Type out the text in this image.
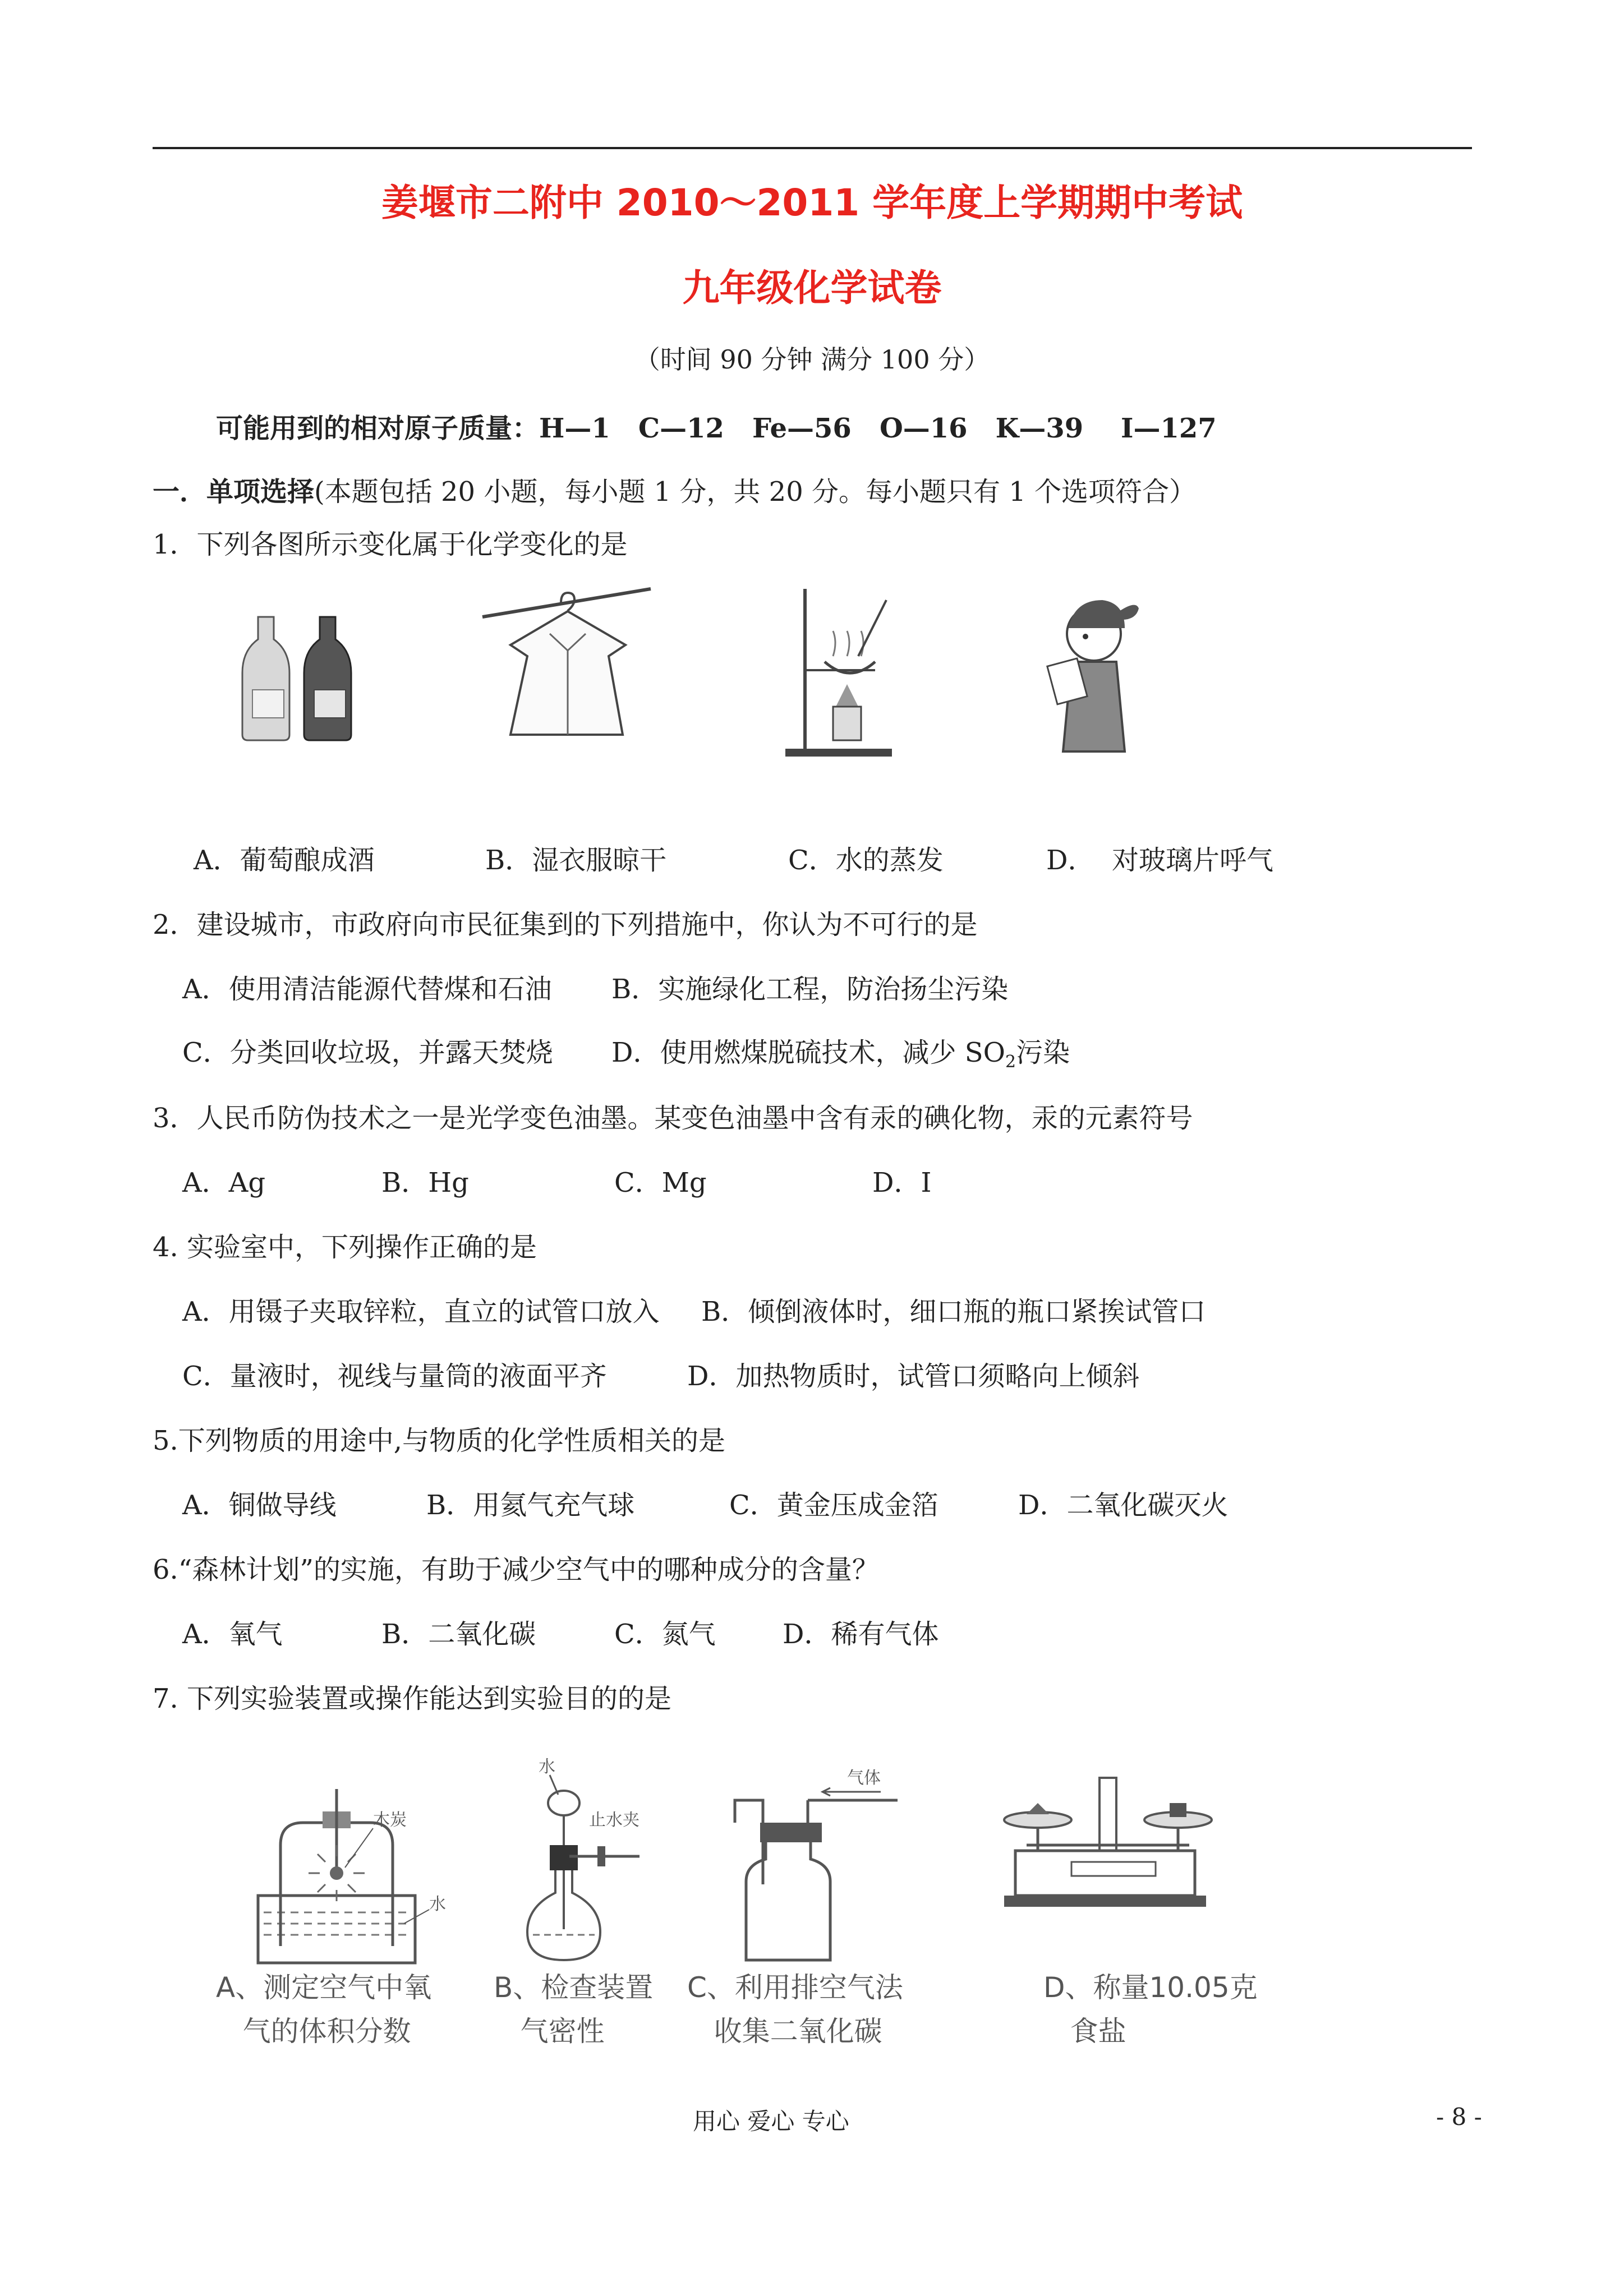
姜堰市二附中 2010～2011 学年度上学期期中考试
九年级化学试卷
（时间 90 分钟 满分 100 分）
可能用到的相对原子质量：H—1   C—12   Fe—56   O—16   K—39    I—127
一．单项选择(本题包括 20 小题，每小题 1 分，共 20 分。每小题只有 1 个选项符合）
1．下列各图所示变化属于化学变化的是
A．葡萄酿成酒	B．湿衣服晾干	C．水的蒸发	D．  对玻璃片呼气
2．建设城市，市政府向市民征集到的下列措施中，你认为不可行的是
A．使用清洁能源代替煤和石油 B．实施绿化工程，防治扬尘污染
C．分类回收垃圾，并露天焚烧 D．使用燃煤脱硫技术，减少 $SO_2$污染
3．人民币防伪技术之一是光学变色油墨。某变色油墨中含有汞的碘化物，汞的元素符号
A．Ag	B．Hg	C．Mg	D．I
4. 实验室中，下列操作正确的是
A．用镊子夹取锌粒，直立的试管口放入 B．倾倒液体时，细口瓶的瓶口紧挨试管口
C．量液时，视线与量筒的液面平齐	D．加热物质时，试管口须略向上倾斜
5.下列物质的用途中,与物质的化学性质相关的是
A．铜做导线	B．用氦气充气球	C．黄金压成金箔	D．二氧化碳灭火
6.“森林计划”的实施，有助于减少空气中的哪种成分的含量？
A．氧气	B．二氧化碳	C．氮气 D．稀有气体
7. 下列实验装置或操作能达到实验目的的是
木炭
水
水
止水夹
气体
A、测定空气中氧
气的体积分数
B、检查装置
气密性
C、利用排空气法
收集二氧化碳
D、称量10.05克
食盐
用心 爱心 专心	- 8 -
